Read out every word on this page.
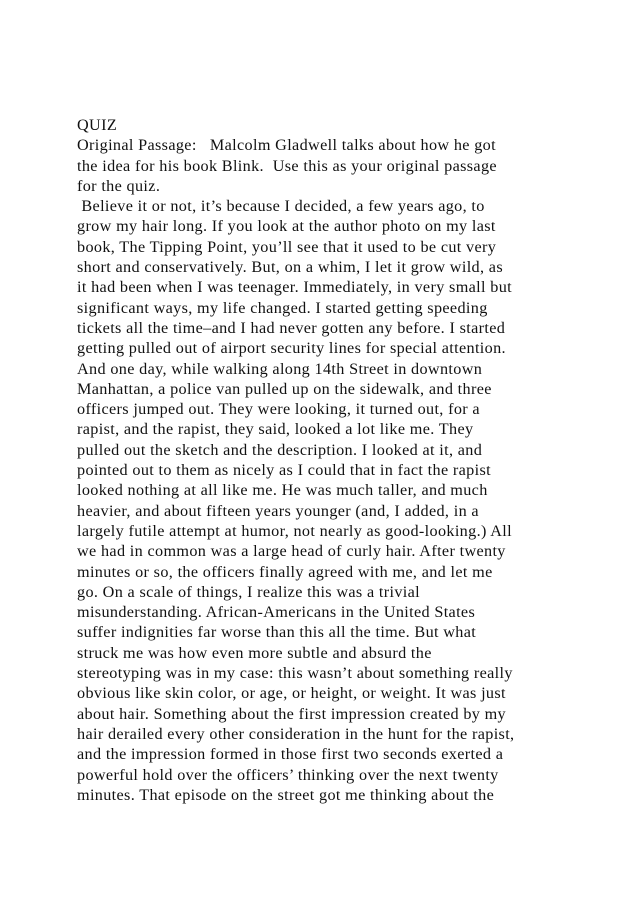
QUIZ
Original Passage:   Malcolm Gladwell talks about how he got
the idea for his book Blink.  Use this as your original passage
for the quiz.
Believe it or not, it’s because I decided, a few years ago, to
grow my hair long. If you look at the author photo on my last
book, The Tipping Point, you’ll see that it used to be cut very
short and conservatively. But, on a whim, I let it grow wild, as
it had been when I was teenager. Immediately, in very small but
significant ways, my life changed. I started getting speeding
tickets all the time–and I had never gotten any before. I started
getting pulled out of airport security lines for special attention.
And one day, while walking along 14th Street in downtown
Manhattan, a police van pulled up on the sidewalk, and three
officers jumped out. They were looking, it turned out, for a
rapist, and the rapist, they said, looked a lot like me. They
pulled out the sketch and the description. I looked at it, and
pointed out to them as nicely as I could that in fact the rapist
looked nothing at all like me. He was much taller, and much
heavier, and about fifteen years younger (and, I added, in a
largely futile attempt at humor, not nearly as good-looking.) All
we had in common was a large head of curly hair. After twenty
minutes or so, the officers finally agreed with me, and let me
go. On a scale of things, I realize this was a trivial
misunderstanding. African-Americans in the United States
suffer indignities far worse than this all the time. But what
struck me was how even more subtle and absurd the
stereotyping was in my case: this wasn’t about something really
obvious like skin color, or age, or height, or weight. It was just
about hair. Something about the first impression created by my
hair derailed every other consideration in the hunt for the rapist,
and the impression formed in those first two seconds exerted a
powerful hold over the officers’ thinking over the next twenty
minutes. That episode on the street got me thinking about the
